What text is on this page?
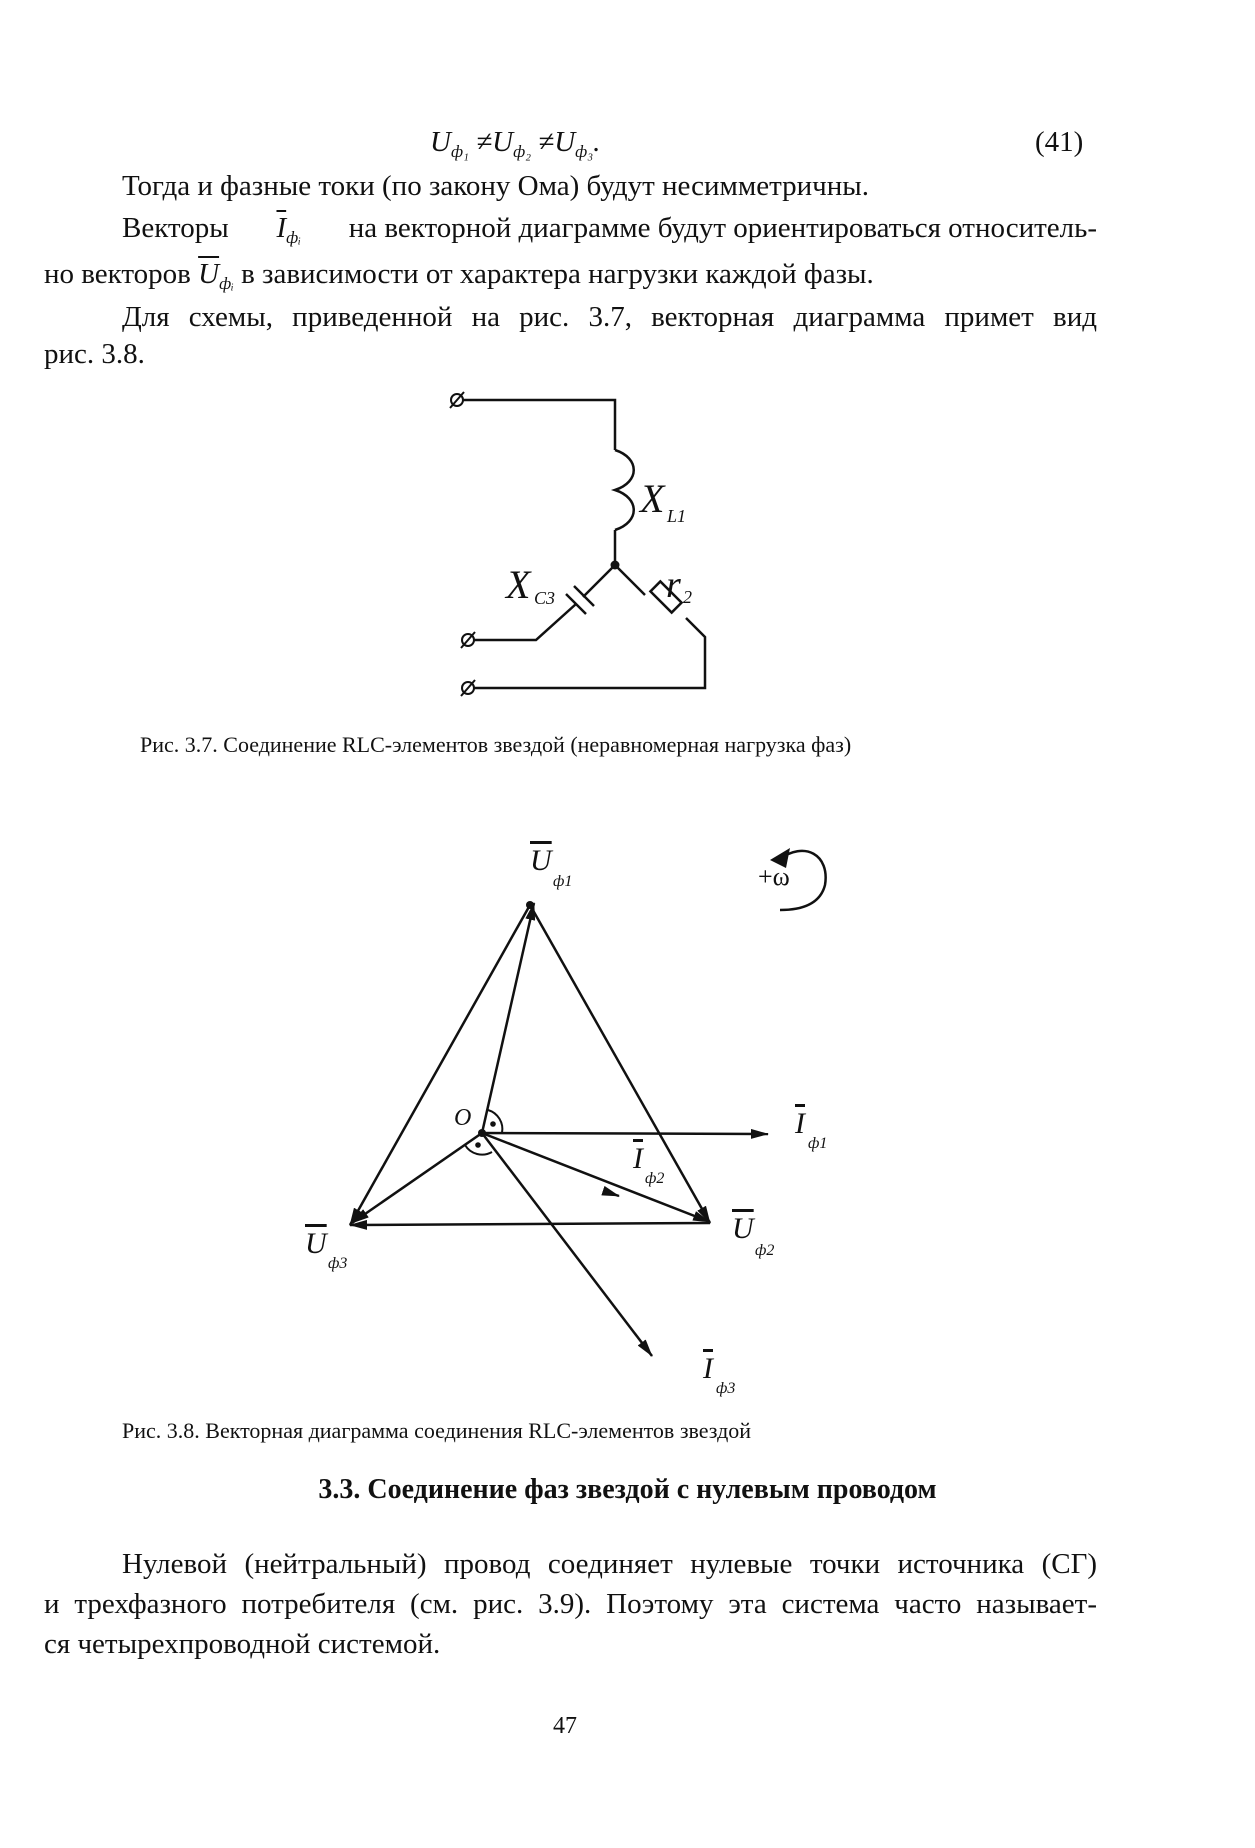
$U_{ф_1} \ne U_{ф_2} \ne U_{ф_3}$.	(41)
Тогда и фазные токи (по закону Ома) будут несимметричны.
Векторы $\overline{I}_{фᵢ}$ на векторной диаграмме будут ориентироваться относитель-
но векторов $\overline{U}_{фᵢ}$ в зависимости от характера нагрузки каждой фазы.
Для схемы, приведенной на рис. 3.7, векторная диаграмма примет вид
рис. 3.8.
X L1
X C3	r 2
Рис. 3.7. Соединение RLC-элементов звездой (неравномерная нагрузка фаз)
+ω
U
ф1
U
ф2
U
ф3
I
ф1
I
ф2
I
ф3
O
Рис. 3.8. Векторная диаграмма соединения RLC-элементов звездой
3.3. Соединение фаз звездой с нулевым проводом
Нулевой (нейтральный) провод соединяет нулевые точки источника (СГ)
и трехфазного потребителя (см. рис. 3.9). Поэтому эта система часто называет-
ся четырехпроводной системой.
47
